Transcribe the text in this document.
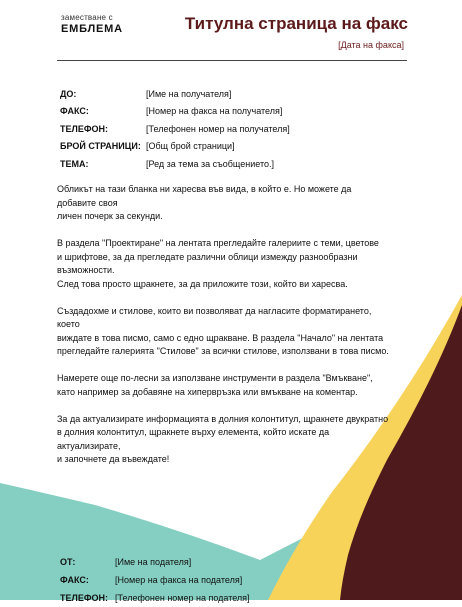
заместване с
ЕМБЛЕМА	Титулна страница на факс
[Дата на факса]
ДО:	[Име на получателя]
ФАКС:	[Номер на факса на получателя]
ТЕЛЕФОН:	[Телефонен номер на получателя]
БРОЙ СТРАНИЦИ:	[Общ брой страници]
ТЕМА:	[Ред за тема за съобщението.]

Обликът на тази бланка ни харесва във вида, в който е. Но можете да добавите своя
личен почерк за секунди.

В раздела "Проектиране" на лентата прегледайте галериите с теми, цветове
и шрифтове, за да прегледате различни облици измежду разнообразни възможности.
След това просто щракнете, за да приложите този, който ви харесва.

Създадохме и стилове, които ви позволяват да нагласите форматирането, което
виждате в това писмо, само с едно щракване. В раздела "Начало" на лентата
прегледайте галерията "Стилове" за всички стилове, използвани в това писмо.

Намерете още по-лесни за използване инструменти в раздела "Вмъкване",
като например за добавяне на хипервръзка или вмъкване на коментар.

За да актуализирате информацията в долния колонтитул, щракнете двукратно
в долния колонтитул, щракнете върху елемента, който искате да актуализирате,
и започнете да въвеждате!

ОТ:	[Име на подателя]
ФАКС:	[Номер на факса на подателя]
ТЕЛЕФОН:	[Телефонен номер на подателя]
